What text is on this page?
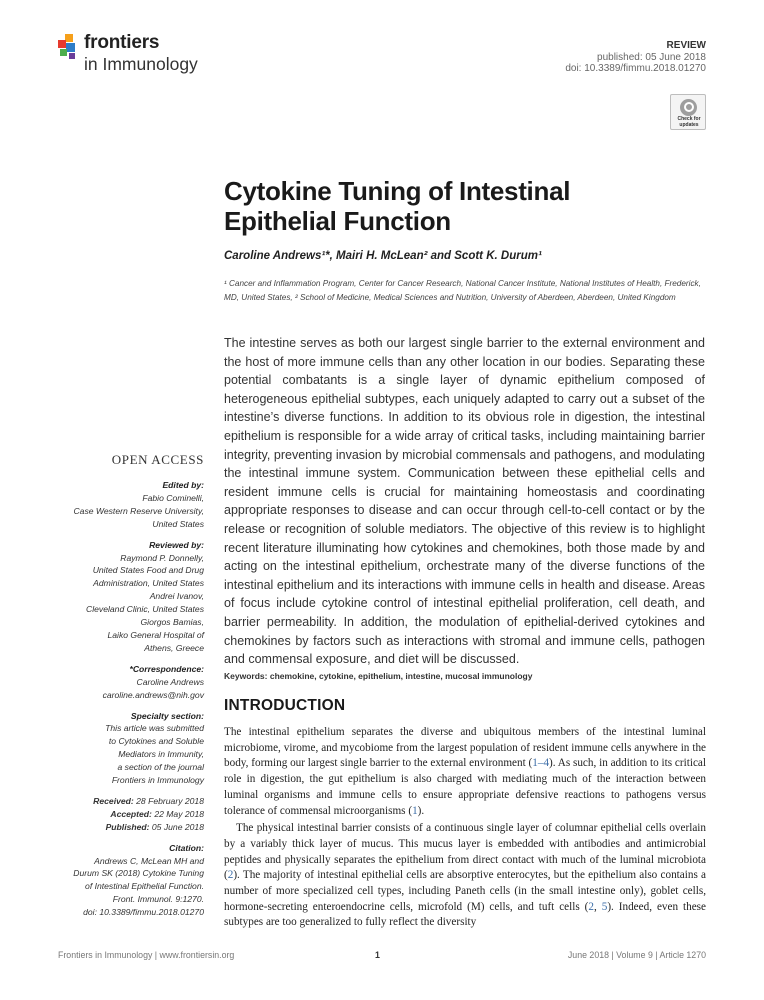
frontiers
in Immunology
REVIEW
published: 05 June 2018
doi: 10.3389/fimmu.2018.01270
Check for updates
Cytokine Tuning of Intestinal
Epithelial Function
Caroline Andrews¹*, Mairi H. McLean² and Scott K. Durum¹
¹ Cancer and Inflammation Program, Center for Cancer Research, National Cancer Institute, National Institutes of Health, Frederick, MD, United States, ² School of Medicine, Medical Sciences and Nutrition, University of Aberdeen, Aberdeen, United Kingdom
The intestine serves as both our largest single barrier to the external environment and the host of more immune cells than any other location in our bodies. Separating these potential combatants is a single layer of dynamic epithelium composed of heterogeneous epithelial subtypes, each uniquely adapted to carry out a subset of the intestine’s diverse functions. In addition to its obvious role in digestion, the intestinal epithelium is responsible for a wide array of critical tasks, including maintaining barrier integrity, preventing invasion by microbial commensals and pathogens, and modulating the intestinal immune system. Communication between these epithelial cells and resident immune cells is crucial for maintaining homeostasis and coordinating appropriate responses to disease and can occur through cell-to-cell contact or by the release or recognition of soluble mediators. The objective of this review is to highlight recent literature illuminating how cytokines and chemokines, both those made by and acting on the intestinal epithelium, orchestrate many of the diverse functions of the intestinal epithelium and its interactions with immune cells in health and disease. Areas of focus include cytokine control of intestinal epithelial proliferation, cell death, and barrier permeability. In addition, the modulation of epithelial-derived cytokines and chemokines by factors such as interactions with stromal and immune cells, pathogen and commensal exposure, and diet will be discussed.
Keywords: chemokine, cytokine, epithelium, intestine, mucosal immunology
INTRODUCTION

The intestinal epithelium separates the diverse and ubiquitous members of the intestinal luminal microbiome, virome, and mycobiome from the largest population of resident immune cells anywhere in the body, forming our largest single barrier to the external environment (1–4). As such, in addition to its critical role in digestion, the gut epithelium is also charged with mediating much of the interaction between luminal organisms and immune cells to ensure appropriate defensive reactions to pathogens versus tolerance of commensal microorganisms (1).

The physical intestinal barrier consists of a continuous single layer of columnar epithelial cells overlain by a variably thick layer of mucus. This mucus layer is embedded with antibodies and antimicrobial peptides and physically separates the epithelium from direct contact with much of the luminal microbiota (2). The majority of intestinal epithelial cells are absorptive enterocytes, but the epithelium also contains a number of more specialized cell types, including Paneth cells (in the small intestine only), goblet cells, hormone-secreting enteroendocrine cells, microfold (M) cells, and tuft cells (2, 5). Indeed, even these subtypes are too generalized to fully reflect the diversity

OPEN ACCESS
Edited by:
Fabio Cominelli,
Case Western Reserve University,
United States
Reviewed by:
Raymond P. Donnelly,
United States Food and Drug
Administration, United States
Andrei Ivanov,
Cleveland Clinic, United States
Giorgos Bamias,
Laiko General Hospital of
Athens, Greece
*Correspondence:
Caroline Andrews
caroline.andrews@nih.gov
Specialty section:
This article was submitted
to Cytokines and Soluble
Mediators in Immunity,
a section of the journal
Frontiers in Immunology
Received: 28 February 2018
Accepted: 22 May 2018
Published: 05 June 2018
Citation:
Andrews C, McLean MH and
Durum SK (2018) Cytokine Tuning
of Intestinal Epithelial Function.
Front. Immunol. 9:1270.
doi: 10.3389/fimmu.2018.01270
Frontiers in Immunology | www.frontiersin.org	1	June 2018 | Volume 9 | Article 1270
